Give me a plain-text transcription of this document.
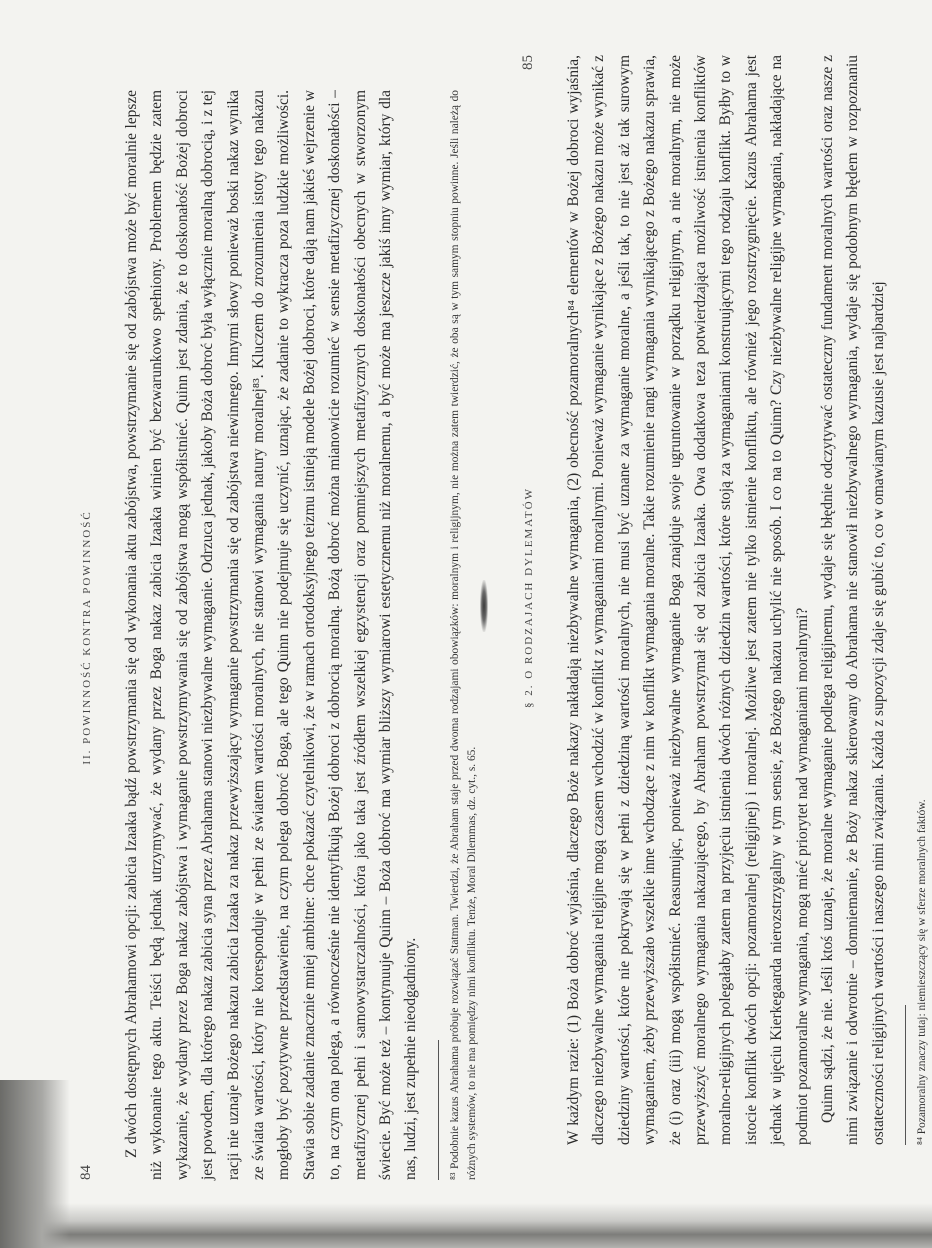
84
II. POWINNOŚĆ KONTRA POWINNOŚĆ Z dwóch dostępnych Abrahamowi opcji: zabicia Izaaka bądź powstrzymania się od wykonania aktu zabójstwa, powstrzymanie się od zabójstwa może być moralnie lepsze niż wykonanie tego aktu. Teiści będą jednak utrzymywać, że wydany przez Boga nakaz zabicia Izaaka winien być bezwarunkowo spełniony. Problemem będzie zatem wykazanie, że wydany przez Boga nakaz zabójstwa i wymaganie powstrzymywania się od zabójstwa mogą współistnieć. Quinn jest zdania, że to doskonałość Bożej dobroci jest powodem, dla którego nakaz zabicia syna przez Abrahama stanowi niezbywalne wymaganie. Odrzuca jednak, jakoby Boża dobroć była wyłącznie moralną dobrocią, i z tej racji nie uznaje Bożego nakazu zabicia Izaaka za nakaz przewyższający wymaganie powstrzymania się od zabójstwa niewinnego. Innymi słowy ponieważ boski nakaz wynika ze świata wartości, który nie koresponduje w pełni ze światem wartości moralnych, nie stanowi wymagania natury moralnej⁸³. Kluczem do zrozumienia istoty tego nakazu mogłoby być pozytywne przedstawienie, na czym polega dobroć Boga, ale tego Quinn nie podejmuje się uczynić, uznając, że zadanie to wykracza poza ludzkie możliwości. Stawia sobie zadanie znacznie mniej ambitne: chce pokazać czytelnikowi, że w ramach ortodoksyjnego teizmu istnieją modele Bożej dobroci, które dają nam jakieś wejrzenie w to, na czym ona polega, a równocześnie nie identyfikują Bożej dobroci z dobrocią moralną. Bożą dobroć można mianowicie rozumieć w sensie metafizycznej doskonałości – metafizycznej pełni i samowystarczalności, która jako taka jest źródłem wszelkiej egzystencji oraz pomniejszych metafizycznych doskonałości obecnych w stworzonym świecie. Być może też – kontynuuje Quinn – Boża dobroć ma wymiar bliższy wymiarowi estetycznemu niż moralnemu, a być może ma jeszcze jakiś inny wymiar, który dla nas, ludzi, jest zupełnie nieodgadniony.	⁸³ Podobnie kazus Abrahama próbuje rozwiązać Statman. Twierdzi, że Abraham staje przed dwoma rodzajami obowiązków: moralnym i religijnym, nie można zatem twierdzić, że oba są w tym samym stopniu powinne. Jeśli należą do różnych systemów, to nie ma pomiędzy nimi konfliktu. Tenże, Moral Dilemmas, dz. cyt., s. 65.
§ 2. O RODZAJACH DYLEMATÓW
85 W każdym razie: (1) Boża dobroć wyjaśnia, dlaczego Boże nakazy nakładają niezbywalne wymagania, (2) obecność pozamoralnych⁸⁴ elementów w Bożej dobroci wyjaśnia, dlaczego niezbywalne wymagania religijne mogą czasem wchodzić w konflikt z wymaganiami moralnymi. Ponieważ wymaganie wynikające z Bożego nakazu może wynikać z dziedziny wartości, które nie pokrywają się w pełni z dziedziną wartości moralnych, nie musi być uznane za wymaganie moralne, a jeśli tak, to nie jest aż tak surowym wymaganiem, żeby przewyższało wszelkie inne wchodzące z nim w konflikt wymagania moralne. Takie rozumienie rangi wymagania wynikającego z Bożego nakazu sprawia, że (i) oraz (iii) mogą współistnieć. Reasumując, ponieważ niezbywalne wymaganie Boga znajduje swoje ugruntowanie w porządku religijnym, a nie moralnym, nie może przewyższyć moralnego wymagania nakazującego, by Abraham powstrzymał się od zabicia Izaaka. Owa dodatkowa teza potwierdzająca możliwość istnienia konfliktów moralno-religijnych polegałaby zatem na przyjęciu istnienia dwóch różnych dziedzin wartości, które stoją za wymaganiami konstruującymi tego rodzaju konflikt. Byłby to w istocie konflikt dwóch opcji: pozamoralnej (religijnej) i moralnej. Możliwe jest zatem nie tylko istnienie konfliktu, ale również jego rozstrzygnięcie. Kazus Abrahama jest jednak w ujęciu Kierkegaarda nierozstrzygalny w tym sensie, że Bożego nakazu uchylić nie sposób. I co na to Quinn? Czy niezbywalne religijne wymagania, nakładające na podmiot pozamoralne wymagania, mogą mieć priorytet nad wymaganiami moralnymi? Quinn sądzi, że nie. Jeśli ktoś uznaje, że moralne wymaganie podlega religijnemu, wydaje się błędnie odczytywać ostateczny fundament moralnych wartości oraz nasze z nimi związanie i odwrotnie – domniemanie, że Boży nakaz skierowany do Abrahama nie stanowił niezbywalnego wymagania, wydaje się podobnym błędem w rozpoznaniu ostateczności religijnych wartości i naszego nimi związania. Każda z supozycji zdaje się gubić to, co w omawianym kazusie jest najbardziej	⁸⁴ Pozamoralny znaczy tutaj: niemieszczący się w sferze moralnych faktów.
